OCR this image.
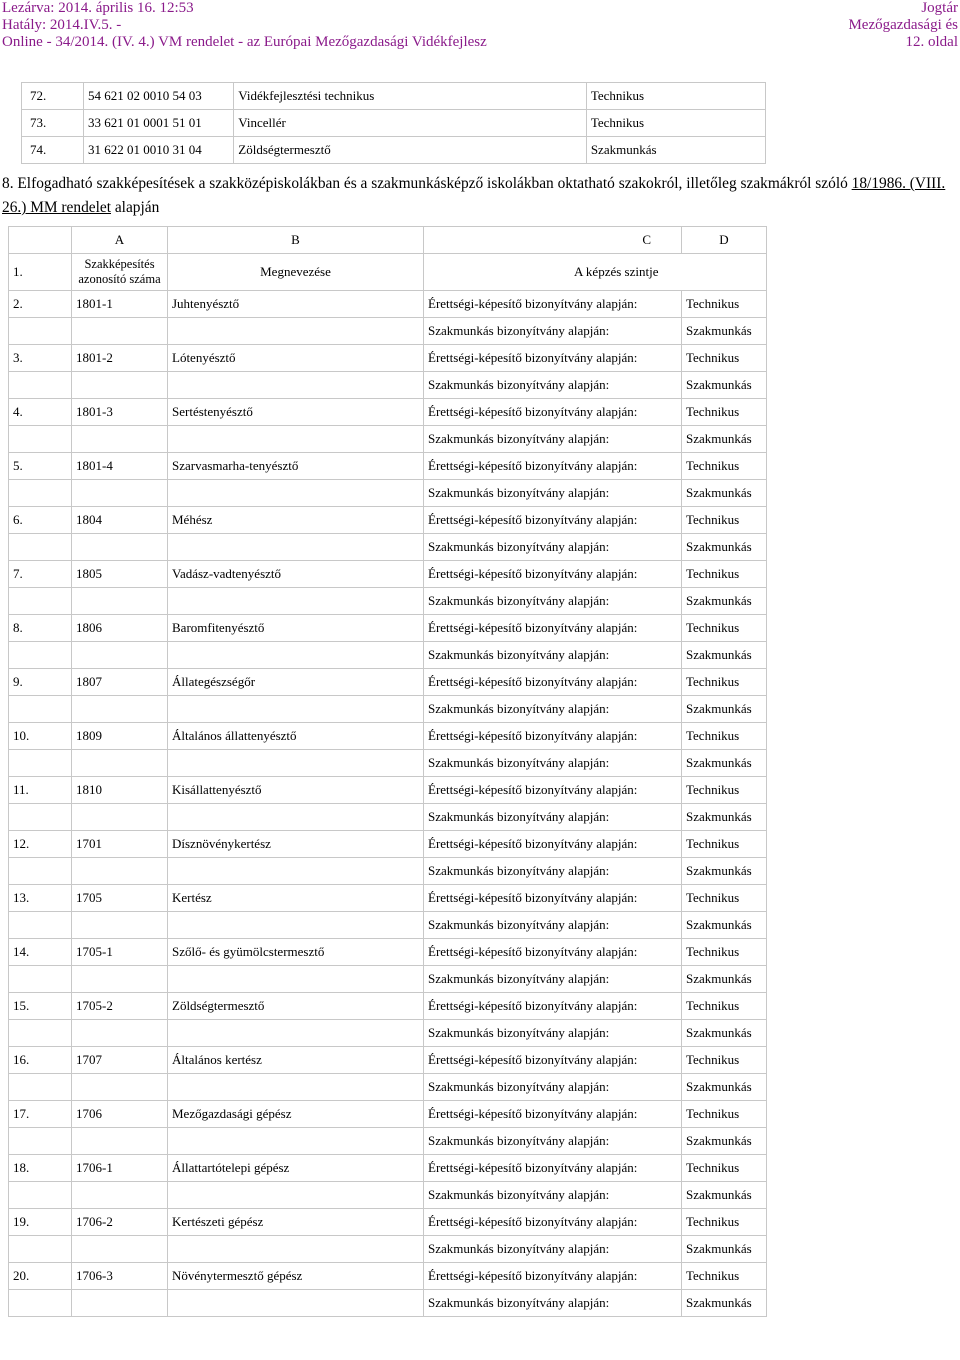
Lezárva: 2014. április 16. 12:53
Hatály: 2014.IV.5. -
Online - 34/2014. (IV. 4.) VM rendelet - az Európai Mezőgazdasági Vidékfejlesz
Jogtár
Mezőgazdasági és
12. oldal
72.	54 621 02 0010 54 03	Vidékfejlesztési technikus	Technikus
73.	33 621 01 0001 51 01	Vincellér	Technikus
74.	31 622 01 0010 31 04	Zöldségtermesztő	Szakmunkás
8. Elfogadható szakképesítések a szakközépiskolákban és a szakmunkásképző iskolákban oktatható szakokról, illetőleg szakmákról szóló 18/1986. (VIII. 26.) MM rendelet alapján
	A	B	C	D
1.	Szakképesítés
azonosító száma	Megnevezése	A képzés szintje	
2.	1801-1	Juhtenyésztő	Érettségi-képesítő bizonyítvány alapján:	Technikus
			Szakmunkás bizonyítvány alapján:	Szakmunkás
3.	1801-2	Lótenyésztő	Érettségi-képesítő bizonyítvány alapján:	Technikus
			Szakmunkás bizonyítvány alapján:	Szakmunkás
4.	1801-3	Sertéstenyésztő	Érettségi-képesítő bizonyítvány alapján:	Technikus
			Szakmunkás bizonyítvány alapján:	Szakmunkás
5.	1801-4	Szarvasmarha-tenyésztő	Érettségi-képesítő bizonyítvány alapján:	Technikus
			Szakmunkás bizonyítvány alapján:	Szakmunkás
6.	1804	Méhész	Érettségi-képesítő bizonyítvány alapján:	Technikus
			Szakmunkás bizonyítvány alapján:	Szakmunkás
7.	1805	Vadász-vadtenyésztő	Érettségi-képesítő bizonyítvány alapján:	Technikus
			Szakmunkás bizonyítvány alapján:	Szakmunkás
8.	1806	Baromfitenyésztő	Érettségi-képesítő bizonyítvány alapján:	Technikus
			Szakmunkás bizonyítvány alapján:	Szakmunkás
9.	1807	Állategészségőr	Érettségi-képesítő bizonyítvány alapján:	Technikus
			Szakmunkás bizonyítvány alapján:	Szakmunkás
10.	1809	Általános állattenyésztő	Érettségi-képesítő bizonyítvány alapján:	Technikus
			Szakmunkás bizonyítvány alapján:	Szakmunkás
11.	1810	Kisállattenyésztő	Érettségi-képesítő bizonyítvány alapján:	Technikus
			Szakmunkás bizonyítvány alapján:	Szakmunkás
12.	1701	Dísznövénykertész	Érettségi-képesítő bizonyítvány alapján:	Technikus
			Szakmunkás bizonyítvány alapján:	Szakmunkás
13.	1705	Kertész	Érettségi-képesítő bizonyítvány alapján:	Technikus
			Szakmunkás bizonyítvány alapján:	Szakmunkás
14.	1705-1	Szőlő- és gyümölcstermesztő	Érettségi-képesítő bizonyítvány alapján:	Technikus
			Szakmunkás bizonyítvány alapján:	Szakmunkás
15.	1705-2	Zöldségtermesztő	Érettségi-képesítő bizonyítvány alapján:	Technikus
			Szakmunkás bizonyítvány alapján:	Szakmunkás
16.	1707	Általános kertész	Érettségi-képesítő bizonyítvány alapján:	Technikus
			Szakmunkás bizonyítvány alapján:	Szakmunkás
17.	1706	Mezőgazdasági gépész	Érettségi-képesítő bizonyítvány alapján:	Technikus
			Szakmunkás bizonyítvány alapján:	Szakmunkás
18.	1706-1	Állattartótelepi gépész	Érettségi-képesítő bizonyítvány alapján:	Technikus
			Szakmunkás bizonyítvány alapján:	Szakmunkás
19.	1706-2	Kertészeti gépész	Érettségi-képesítő bizonyítvány alapján:	Technikus
			Szakmunkás bizonyítvány alapján:	Szakmunkás
20.	1706-3	Növénytermesztő gépész	Érettségi-képesítő bizonyítvány alapján:	Technikus
			Szakmunkás bizonyítvány alapján:	Szakmunkás
